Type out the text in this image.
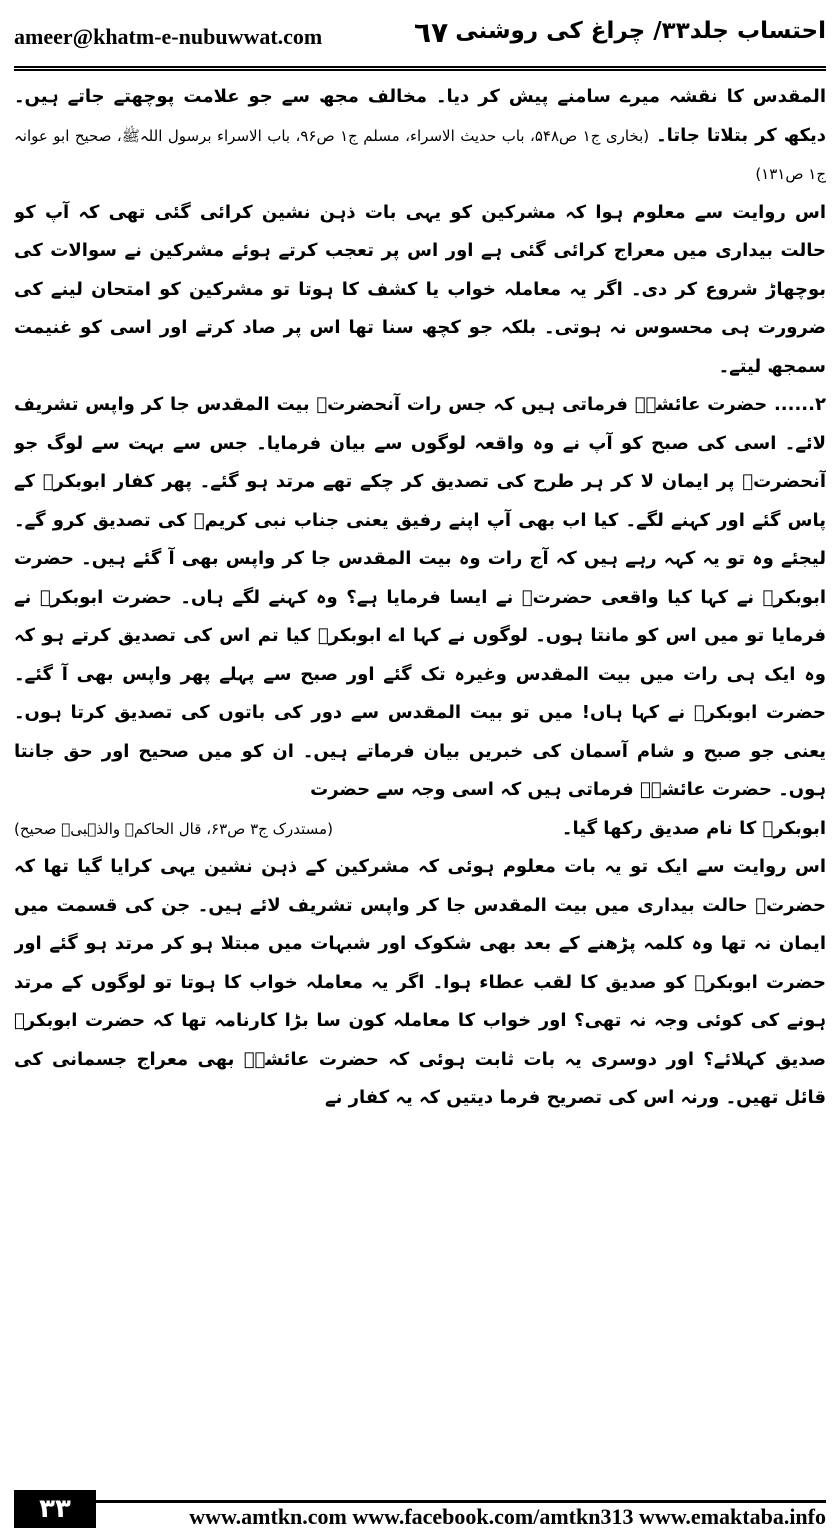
ameer@khatm-e-nubuwwat.com	٦٧ احتساب جلد۳۳/ چراغ کی روشنی

المقدس کا نقشہ میرے سامنے پیش کر دیا۔ مخالف مجھ سے جو علامت پوچھتے جاتے ہیں۔ دیکھ کر بتلاتا جاتا۔ (بخاری ج۱ ص۵۴۸، باب حدیث الاسراء، مسلم ج۱ ص۹۶، باب الاسراء برسول اللہﷺ، صحیح ابو عوانہ ج۱ ص۱۳۱)

اس روایت سے معلوم ہوا کہ مشرکین کو یہی بات ذہن نشین کرائی گئی تھی کہ آپ کو حالت بیداری میں معراج کرائی گئی ہے اور اس پر تعجب کرتے ہوئے مشرکین نے سوالات کی بوچھاڑ شروع کر دی۔ اگر یہ معاملہ خواب یا کشف کا ہوتا تو مشرکین کو امتحان لینے کی ضرورت ہی محسوس نہ ہوتی۔ بلکہ جو کچھ سنا تھا اس پر صاد کرتے اور اسی کو غنیمت سمجھ لیتے۔

۲...... حضرت عائشہؓ فرماتی ہیں کہ جس رات آنحضرتﷺ بیت المقدس جا کر واپس تشریف لائے۔ اسی کی صبح کو آپ نے وہ واقعہ لوگوں سے بیان فرمایا۔ جس سے بہت سے لوگ جو آنحضرتﷺ پر ایمان لا کر ہر طرح کی تصدیق کر چکے تھے مرتد ہو گئے۔ پھر کفار ابوبکرؓ کے پاس گئے اور کہنے لگے۔ کیا اب بھی آپ اپنے رفیق یعنی جناب نبی کریمﷺ کی تصدیق کرو گے۔ لیجئے وہ تو یہ کہہ رہے ہیں کہ آج رات وہ بیت المقدس جا کر واپس بھی آ گئے ہیں۔ حضرت ابوبکرؓ نے کہا کیا واقعی حضرتؐ نے ایسا فرمایا ہے؟ وہ کہنے لگے ہاں۔ حضرت ابوبکرؓ نے فرمایا تو میں اس کو مانتا ہوں۔ لوگوں نے کہا اے ابوبکرؓ کیا تم اس کی تصدیق کرتے ہو کہ وہ ایک ہی رات میں بیت المقدس وغیرہ تک گئے اور صبح سے پہلے پھر واپس بھی آ گئے۔ حضرت ابوبکرؓ نے کہا ہاں! میں تو بیت المقدس سے دور کی باتوں کی تصدیق کرتا ہوں۔ یعنی جو صبح و شام آسمان کی خبریں بیان فرماتے ہیں۔ ان کو میں صحیح اور حق جانتا ہوں۔ حضرت عائشہؓ فرماتی ہیں کہ اسی وجہ سے حضرت

ابوبکرؓ کا نام صدیق رکھا گیا۔
(مستدرک ج۳ ص۶۳، قال الحاکمؒ والذہبیؒ صحیح)

اس روایت سے ایک تو یہ بات معلوم ہوئی کہ مشرکین کے ذہن نشین یہی کرایا گیا تھا کہ حضرتؐ حالت بیداری میں بیت المقدس جا کر واپس تشریف لائے ہیں۔ جن کی قسمت میں ایمان نہ تھا وہ کلمہ پڑھنے کے بعد بھی شکوک اور شبہات میں مبتلا ہو کر مرتد ہو گئے اور حضرت ابوبکرؓ کو صدیق کا لقب عطاء ہوا۔ اگر یہ معاملہ خواب کا ہوتا تو لوگوں کے مرتد ہونے کی کوئی وجہ نہ تھی؟ اور خواب کا معاملہ کون سا بڑا کارنامہ تھا کہ حضرت ابوبکرؓ صدیق کہلائے؟ اور دوسری یہ بات ثابت ہوئی کہ حضرت عائشہؓ بھی معراج جسمانی کی قائل تھیں۔ ورنہ اس کی تصریح فرما دیتیں کہ یہ کفار نے

۳۳	www.amtkn.com www.facebook.com/amtkn313 www.emaktaba.info
